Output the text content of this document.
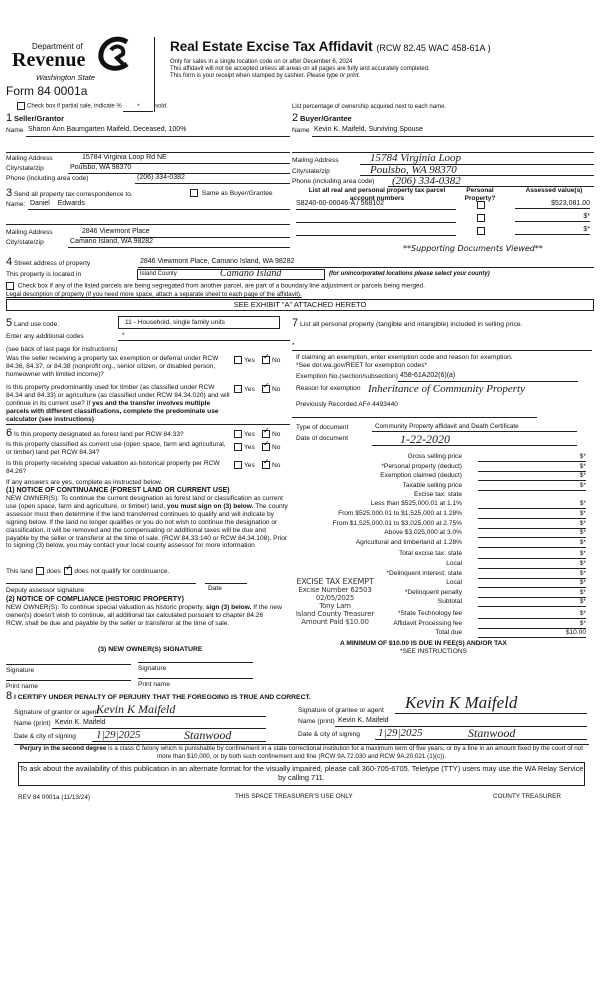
Department of
Revenue
Washington State
Form 84 0001a
Real Estate Excise Tax Affidavit (RCW 82.45 WAC 458-61A )
Only for sales in a single location code on or after December 6, 2024
This affidavit will not be accepted unless all areas on all pages are fully and accurately completed.
This form is your receipt when stamped by cashier. Please type or print.
Check box if partial sale, indicate %	*	sold.	List percentage of ownership acquired next to each name.
1 Seller/Grantor
Name Sharon Ann Baumgarten Maifeld, Deceased, 100%
Mailing Address	15784 Virginia Loop Rd NE
City/state/zip	Poulsbo, WA 98370
Phone (including area code)	(206) 334-0382
2 Buyer/Grantee
Name Kevin K. Maifeld, Surviving Spouse
Mailing Address	15784 Virginia Loop
City/state/zip	Poulsbo, WA 98370
Phone (including area code) (206) 334-0382
3 Send all property tax correspondence to.	Same as Buyer/Grantee
Name: Daniel    Edwards
Mailing Address	2846 Viewmont Place
City/state/zip	Camano Island, WA 98282
List all real and personal property tax parcel account numbers
Personal Property?
Assessed value(s)
S8240-00-00046-A / 568102	$523,081.00
$*
$*
**Supporting Documents Viewed**
4 Street address of property	2846 Viewmont Place, Camano Island, WA 98282
This property is located in	Island County	Camano Island	(for unincorporated locations please select your county)
Check box if any of the listed parcels are being segregated from another parcel, are part of a boundary line adjustment or parcels being merged.
Legal description of property (if you need more space, attach a separate sheet to each page of the affidavit).
SEE EXHIBIT "A" ATTACHED HERETO
5 Land use code.	11 - Household, single family units
Enter any additional codes	*
(see back of last page for instructions)
Was the seller receiving a property tax exemption or deferral under RCW 84.36, 84.37, or 84.38 (nonprofit org., senior citizen, or disabled person, homeowner with limited income)?
Yes ✓	No
Is this property predominantly used for timber (as classified under RCW 84.34 and 84.33) or agriculture (as classified under RCW 84.34.020) and will continue in its current use? If yes and the transfer involves multiple parcels with different classifications, complete the predominate use calculator (see instructions)
Yes ✓	No
6 Is this property designated as forest land per RCW 84.33?
Is this property classified as current use (open space, farm and agricultural, or timber) land per RCW 84.34?
Is this property receiving special valuation as historical property per RCW 84.26?
Yes ✓	No
Yes ✓	No
Yes ✓	No
If any answers are yes, complete as instructed below.
(1) NOTICE OF CONTINUANCE (FOREST LAND OR CURRENT USE)
NEW OWNER(S): To continue the current designation as forest land or classification as current use (open space, farm and agriculture, or timber) land, you must sign on (3) below. The county assessor must then determine if the land transferred continues to qualify and will indicate by signing below. If the land no longer qualifies or you do not wish to continue the designation or classification, it will be removed and the compensating or additional taxes will be due and payable by the seller or transferor at the time of sale. (RCW 84.33.140 or RCW 84.34.108). Prior to signing (3) below, you may contact your local county assessor for more information
This land does ✓ does not qualify for continuance.
Deputy assessor signature	Date
(2) NOTICE OF COMPLIANCE (HISTORIC PROPERTY)
NEW OWNER(S): To continue special valuation as historic property, sign (3) below. If the new owner(s) doesn't wish to continue, all additional tax calculated pursuant to chapter 84.26 RCW, shall be due and payable by the seller or transferor at the time of sale.
(3) NEW OWNER(S) SIGNATURE
Signature	Signature
Print name	Print name
7 List all personal property (tangible and intangible) included in selling price.
*
If claiming an exemption, enter exemption code and reason for exemption.
*See dor.wa.gov/REET for exemption codes*
Exemption No.(section/subsection) 458-61A202(6)(a)
Reason for exemption Inheritance of Community Property
Previously Recorded AF# 4493440
Type of document	Community Property affidavit and Death Certificate
Date of document	1-22-2020
Gross selling price	$*
*Personal property (deduct)	$*
Exemption claimed (deduct)	$*
Taxable selling price	$*
Excise tax: state
Less than $525,000.01 at 1.1%	$*
From $525,000.01 to $1,525,000 at 1.28%	$*
From $1,525,000.01 to $3,025,000 at 2.75%	$*
Above $3,025,000 at 3.0%	$*
Agricultural and timberland at 1.28%	$*
Total excise tax: state	$*
Local	$*
*Delinquent interest: state	$*
Local	$*
*Delinquent penalty	$*
Subtotal	$*
*State Technology fee	$*
Affidavit Processing fee	$*
Total due	$10.00
EXCISE TAX EXEMPT
Excise Number 62503
02/05/2025
Tony Lam
Island County Treasurer
Amount Paid $10.00
A MINIMUM OF $10.00 IS DUE IN FEE(S) AND/OR TAX
*SEE INSTRUCTIONS
8 I CERTIFY UNDER PENALTY OF PERJURY THAT THE FOREGOING IS TRUE AND CORRECT.
Signature of grantor or agent
Kevin K Maifeld
Name (print) Kevin K. Maifeld
Date & city of signing 1|29|2025	Stanwood
Signature of grantee or agent Kevin K Maifeld
Name (print) Kevin K. Maifeld
Date & city of signing 1|29|2025	Stanwood
Perjury in the second degree is a class C felony which is punishable by confinement in a state correctional institution for a maximum term of five years, or by a fine in an amount fixed by the court of not more than $10,000, or by both such confinement and fine (RCW 9A.72.030 and RCW 9A.20.021 (1)(c)).
To ask about the availability of this publication in an alternate format for the visually impaired, please call 360-705-6705. Teletype (TTY) users may use the WA Relay Service by calling 711.
REV 84 0001a (11/13/24)	THIS SPACE TREASURER'S USE ONLY	COUNTY TREASURER
